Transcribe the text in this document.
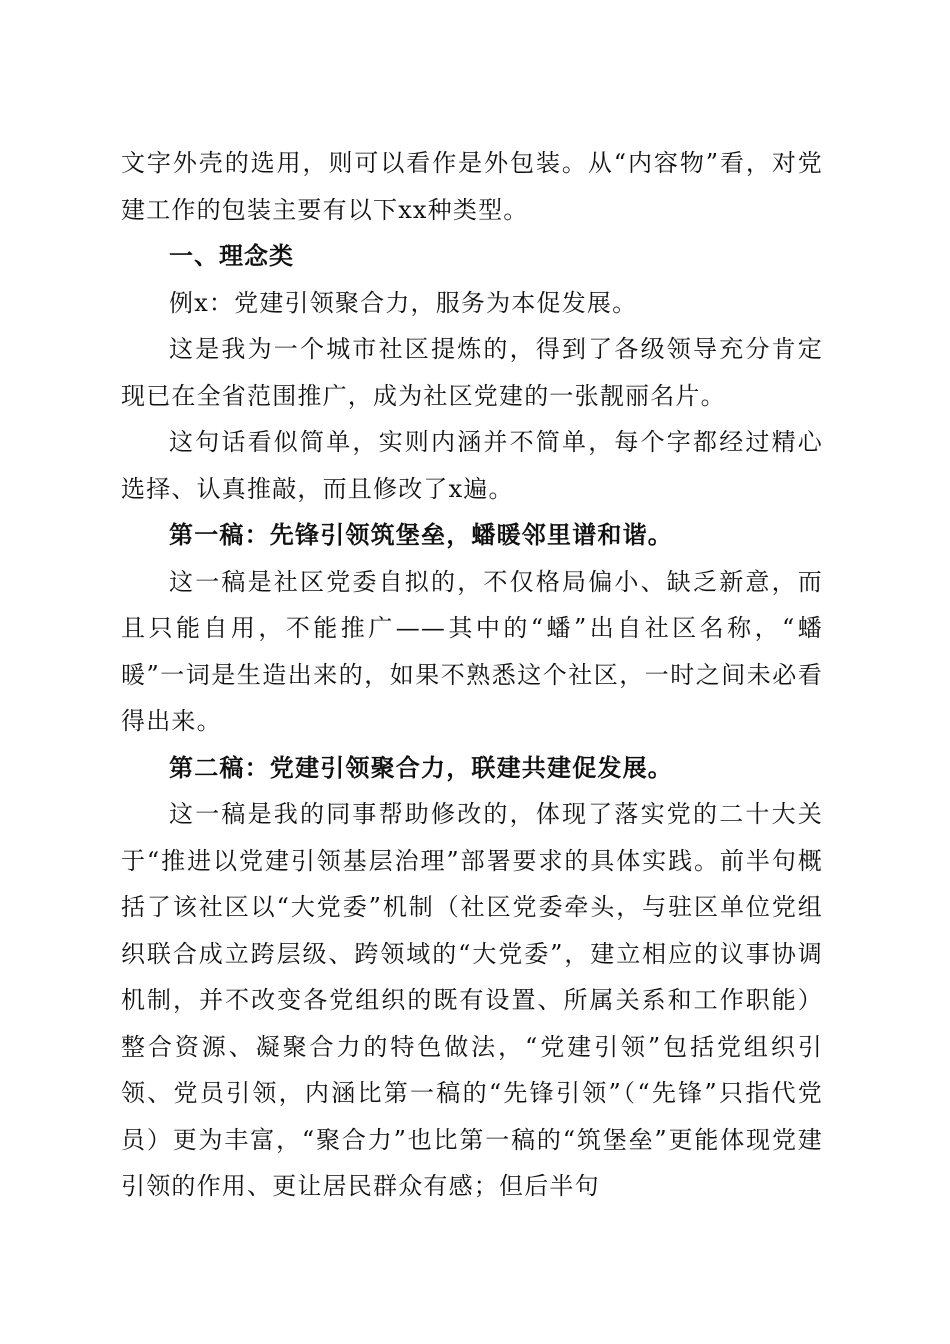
文字外壳的选用，则可以看作是外包装。从“内容物”看，对党建工作的包装主要有以下xx种类型。

一、理念类

例x：党建引领聚合力，服务为本促发展。

这是我为一个城市社区提炼的，得到了各级领导充分肯定现已在全省范围推广，成为社区党建的一张靓丽名片。

这句话看似简单，实则内涵并不简单，每个字都经过精心选择、认真推敲，而且修改了x遍。

第一稿：先锋引领筑堡垒，蟠暖邻里谱和谐。

这一稿是社区党委自拟的，不仅格局偏小、缺乏新意，而且只能自用，不能推广——其中的“蟠”出自社区名称，“蟠暖”一词是生造出来的，如果不熟悉这个社区，一时之间未必看得出来。

第二稿：党建引领聚合力，联建共建促发展。

这一稿是我的同事帮助修改的，体现了落实党的二十大关于“推进以党建引领基层治理”部署要求的具体实践。前半句概括了该社区以“大党委”机制（社区党委牵头，与驻区单位党组织联合成立跨层级、跨领域的“大党委”，建立相应的议事协调机制，并不改变各党组织的既有设置、所属关系和工作职能）整合资源、凝聚合力的特色做法，“党建引领”包括党组织引领、党员引领，内涵比第一稿的“先锋引领”（“先锋”只指代党员）更为丰富，“聚合力”也比第一稿的“筑堡垒”更能体现党建引领的作用、更让居民群众有感；但后半句
